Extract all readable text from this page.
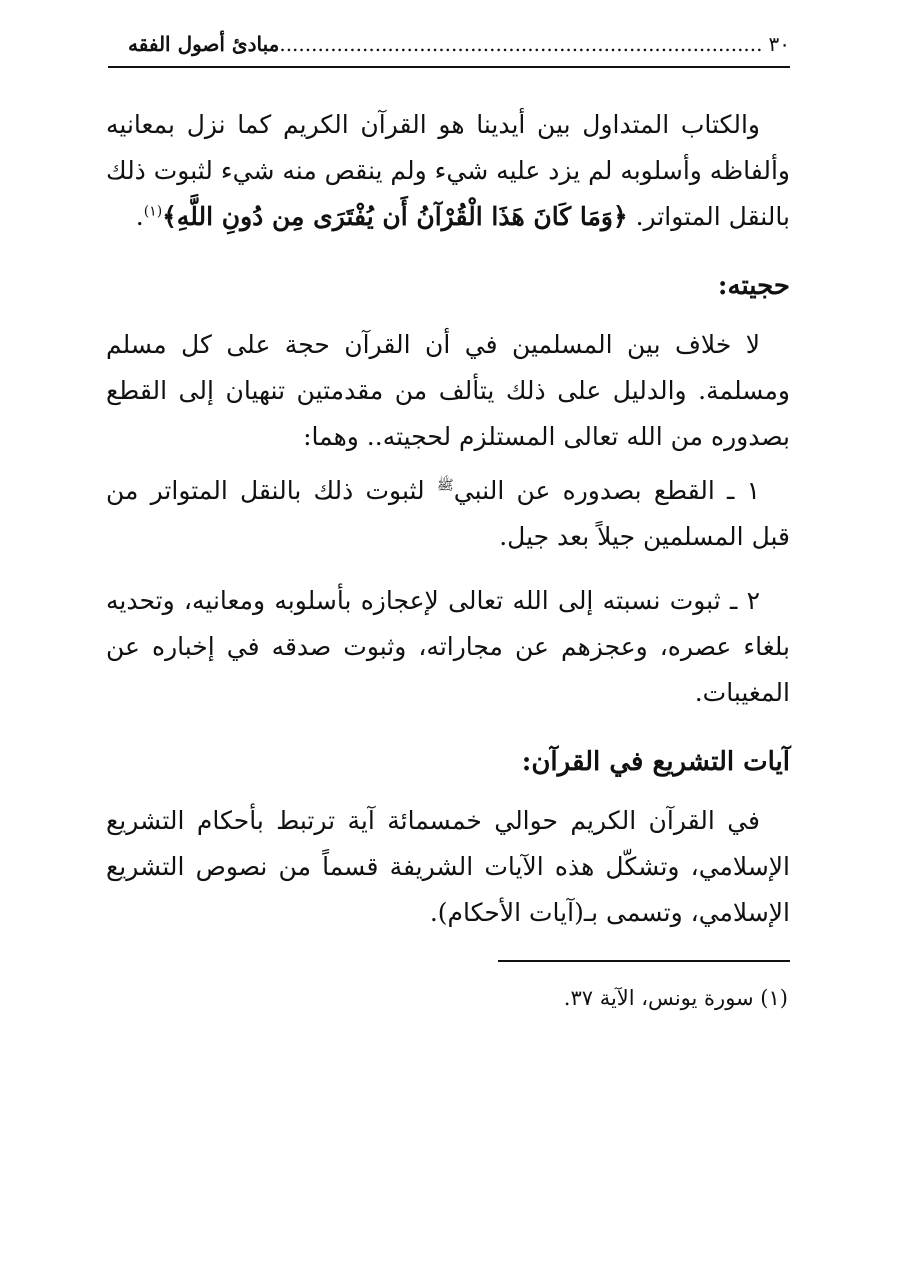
٣٠............................................................................مبادئ أصول الفقه

والكتاب المتداول بين أيدينا هو القرآن الكريم كما نزل بمعانيه وألفاظه وأسلوبه لم يزد عليه شيء ولم ينقص منه شيء لثبوت ذلك بالنقل المتواتر. ﴿وَمَا كَانَ هَذَا الْقُرْآنُ أَن يُفْتَرَى مِن دُونِ اللَّهِ﴾$^{(١)}$.

حجيته:

لا خلاف بين المسلمين في أن القرآن حجة على كل مسلم ومسلمة. والدليل على ذلك يتألف من مقدمتين تنهيان إلى القطع بصدوره من الله تعالى المستلزم لحجيته.. وهما:

١ ـ القطع بصدوره عن النبي$^ﷺ$ لثبوت ذلك بالنقل المتواتر من قبل المسلمين جيلاً بعد جيل.

٢ ـ ثبوت نسبته إلى الله تعالى لإعجازه بأسلوبه ومعانيه، وتحديه بلغاء عصره، وعجزهم عن مجاراته، وثبوت صدقه في إخباره عن المغيبات.

آيات التشريع في القرآن:

في القرآن الكريم حوالي خمسمائة آية ترتبط بأحكام التشريع الإسلامي، وتشكّل هذه الآيات الشريفة قسماً من نصوص التشريع الإسلامي، وتسمى بـ(آيات الأحكام).

(١) سورة يونس، الآية ٣٧.
